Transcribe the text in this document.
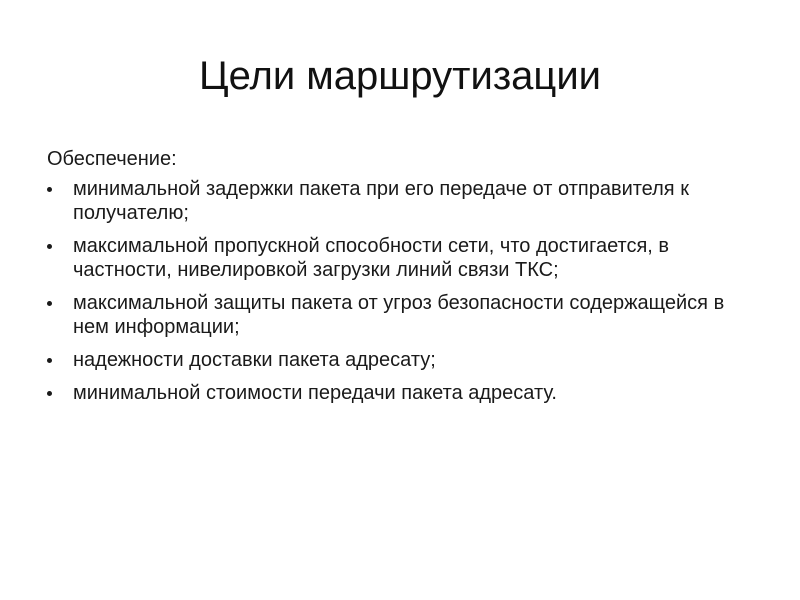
Цели маршрутизации

Обеспечение:

минимальной задержки пакета при его передаче от отправителя к получателю;
максимальной пропускной способности сети, что достигается, в частности, нивелировкой загрузки линий связи ТКС;
максимальной защиты пакета от угроз безопасности содержащейся в нем информации;
надежности доставки пакета адресату;
минимальной стоимости передачи пакета адресату.
